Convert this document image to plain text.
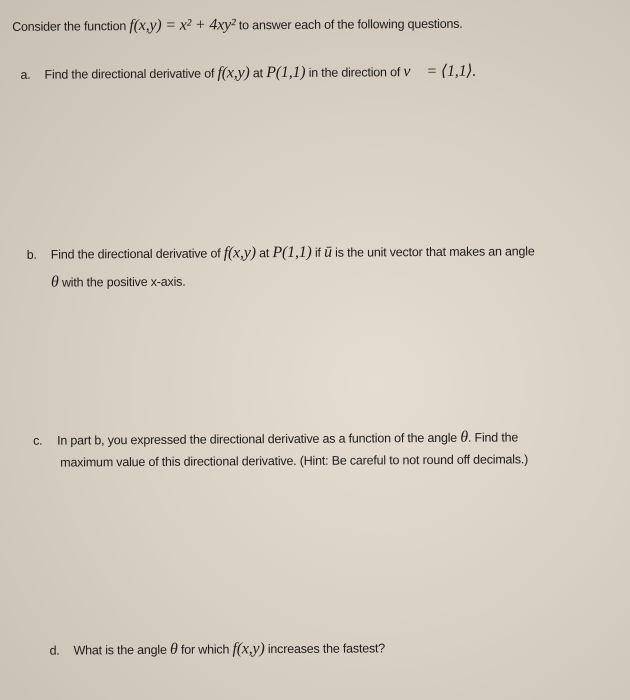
Consider the function f(x,y) = x² + 4xy² to answer each of the following questions.
a. Find the directional derivative of f(x,y) at P(1,1) in the direction of v⃗ = ⟨1,1⟩.
b. Find the directional derivative of f(x,y) at P(1,1) if ū is the unit vector that makes an angle
θ with the positive x-axis.
c. In part b, you expressed the directional derivative as a function of the angle θ. Find the
maximum value of this directional derivative. (Hint: Be careful to not round off decimals.)
d. What is the angle θ for which f(x,y) increases the fastest?
